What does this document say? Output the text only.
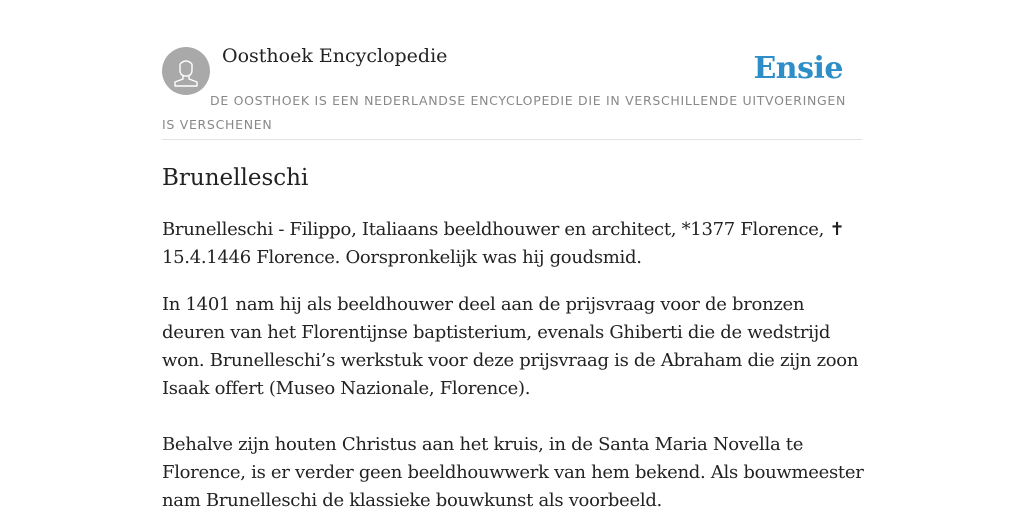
Oosthoek Encyclopedie	Ensie
DE OOSTHOEK IS EEN NEDERLANDSE ENCYCLOPEDIE DIE IN VERSCHILLENDE UITVOERINGEN IS VERSCHENEN
Brunelleschi

Brunelleschi - Filippo, Italiaans beeldhouwer en architect, *1377 Florence, ✝ 15.4.1446 Florence. Oorspronkelijk was hij goudsmid.

In 1401 nam hij als beeldhouwer deel aan de prijsvraag voor de bronzen deuren van het Florentijnse baptisterium, evenals Ghiberti die de wedstrijd won. Brunelleschi’s werkstuk voor deze prijsvraag is de Abraham die zijn zoon Isaak offert (Museo Nazionale, Florence).

Behalve zijn houten Christus aan het kruis, in de Santa Maria Novella te Florence, is er verder geen beeldhouwwerk van hem bekend. Als bouwmeester nam Brunelleschi de klassieke bouwkunst als voorbeeld.
